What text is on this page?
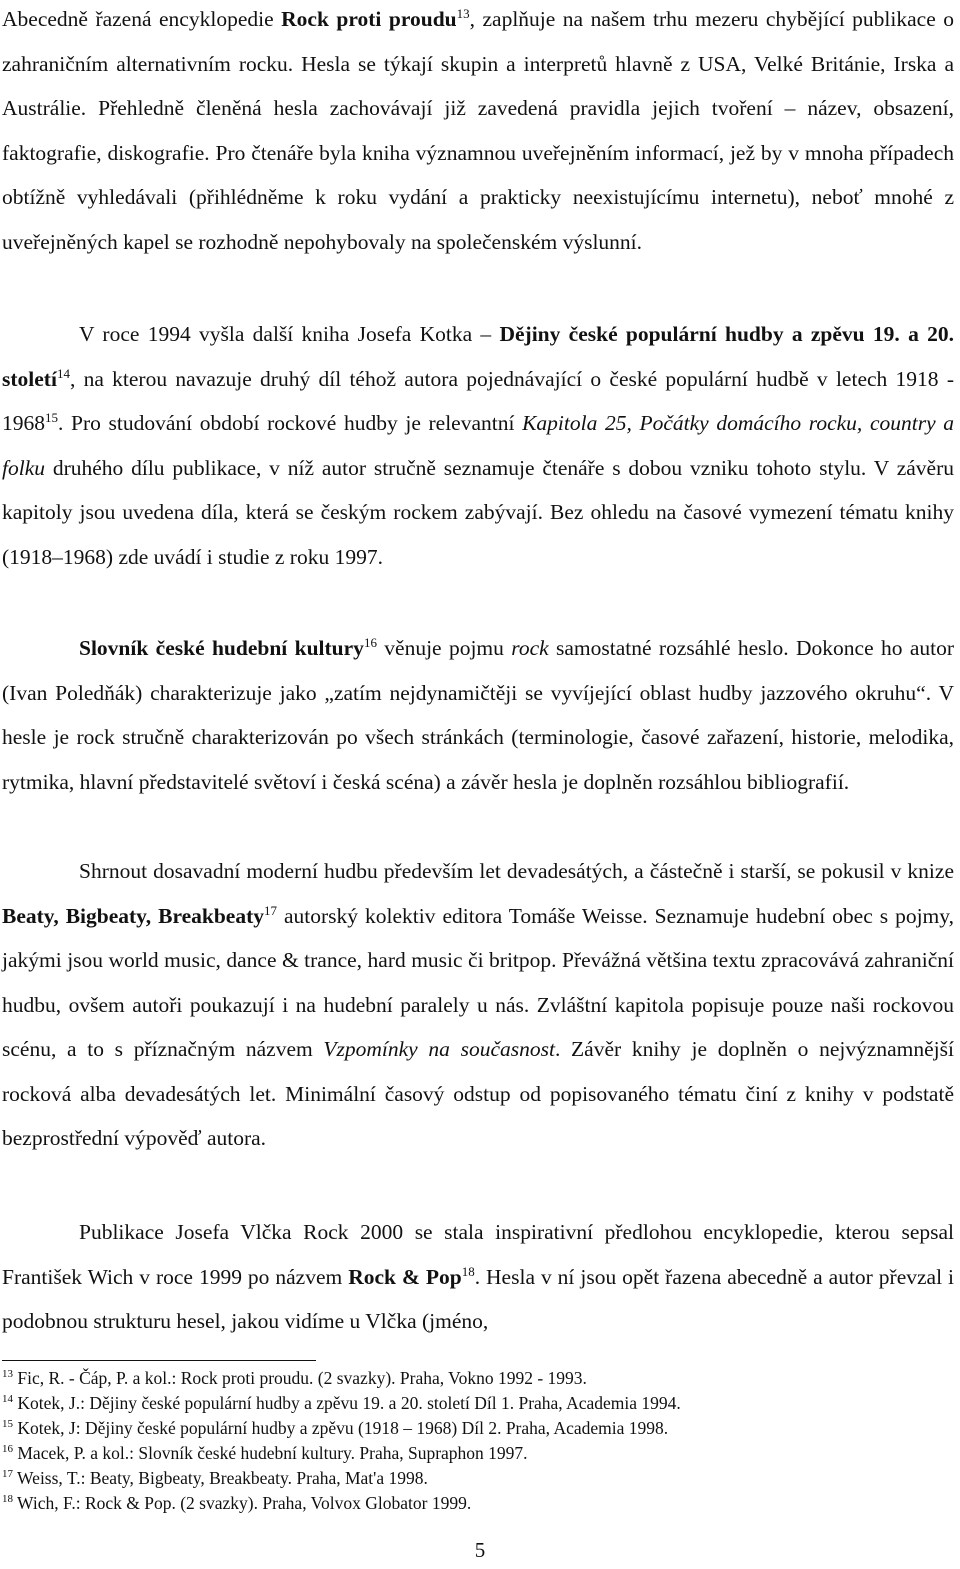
Abecedně řazená encyklopedie Rock proti proudu$^{13}$, zaplňuje na našem trhu mezeru chybějící publikace o zahraničním alternativním rocku. Hesla se týkají skupin a interpretů hlavně z USA, Velké Británie, Irska a Austrálie. Přehledně členěná hesla zachovávají již zavedená pravidla jejich tvoření – název, obsazení, faktografie, diskografie. Pro čtenáře byla kniha významnou uveřejněním informací, jež by v mnoha případech obtížně vyhledávali (přihlédněme k roku vydání a prakticky neexistujícímu internetu), neboť mnohé z uveřejněných kapel se rozhodně nepohybovaly na společenském výslunní.

V roce 1994 vyšla další kniha Josefa Kotka – Dějiny české populární hudby a zpěvu 19. a 20. století$^{14}$, na kterou navazuje druhý díl téhož autora pojednávající o české populární hudbě v letech 1918 - 1968$^{15}$. Pro studování období rockové hudby je relevantní Kapitola 25, Počátky domácího rocku, country a folku druhého dílu publikace, v níž autor stručně seznamuje čtenáře s dobou vzniku tohoto stylu. V závěru kapitoly jsou uvedena díla, která se českým rockem zabývají. Bez ohledu na časové vymezení tématu knihy (1918–1968) zde uvádí i studie z roku 1997.

Slovník české hudební kultury$^{16}$ věnuje pojmu rock samostatné rozsáhlé heslo. Dokonce ho autor (Ivan Poledňák) charakterizuje jako „zatím nejdynamičtěji se vyvíjející oblast hudby jazzového okruhu“. V hesle je rock stručně charakterizován po všech stránkách (terminologie, časové zařazení, historie, melodika, rytmika, hlavní představitelé světoví i česká scéna) a závěr hesla je doplněn rozsáhlou bibliografií.

Shrnout dosavadní moderní hudbu především let devadesátých, a částečně i starší, se pokusil v knize Beaty, Bigbeaty, Breakbeaty$^{17}$ autorský kolektiv editora Tomáše Weisse. Seznamuje hudební obec s pojmy, jakými jsou world music, dance & trance, hard music či britpop. Převážná většina textu zpracovává zahraniční hudbu, ovšem autoři poukazují i na hudební paralely u nás. Zvláštní kapitola popisuje pouze naši rockovou scénu, a to s příznačným názvem Vzpomínky na současnost. Závěr knihy je doplněn o nejvýznamnější rocková alba devadesátých let. Minimální časový odstup od popisovaného tématu činí z knihy v podstatě bezprostřední výpověď autora.

Publikace Josefa Vlčka Rock 2000 se stala inspirativní předlohou encyklopedie, kterou sepsal František Wich v roce 1999 po názvem Rock & Pop$^{18}$. Hesla v ní jsou opět řazena abecedně a autor převzal i podobnou strukturu hesel, jakou vidíme u Vlčka (jméno,

$^{13}$ Fic, R. - Čáp, P. a kol.: Rock proti proudu. (2 svazky). Praha, Vokno 1992 - 1993.
$^{14}$ Kotek, J.: Dějiny české populární hudby a zpěvu 19. a 20. století Díl 1. Praha, Academia 1994.
$^{15}$ Kotek, J: Dějiny české populární hudby a zpěvu (1918 – 1968) Díl 2. Praha, Academia 1998.
$^{16}$ Macek, P. a kol.: Slovník české hudební kultury. Praha, Supraphon 1997.
$^{17}$ Weiss, T.: Beaty, Bigbeaty, Breakbeaty. Praha, Mat'a 1998.
$^{18}$ Wich, F.: Rock & Pop. (2 svazky). Praha, Volvox Globator 1999.
5
